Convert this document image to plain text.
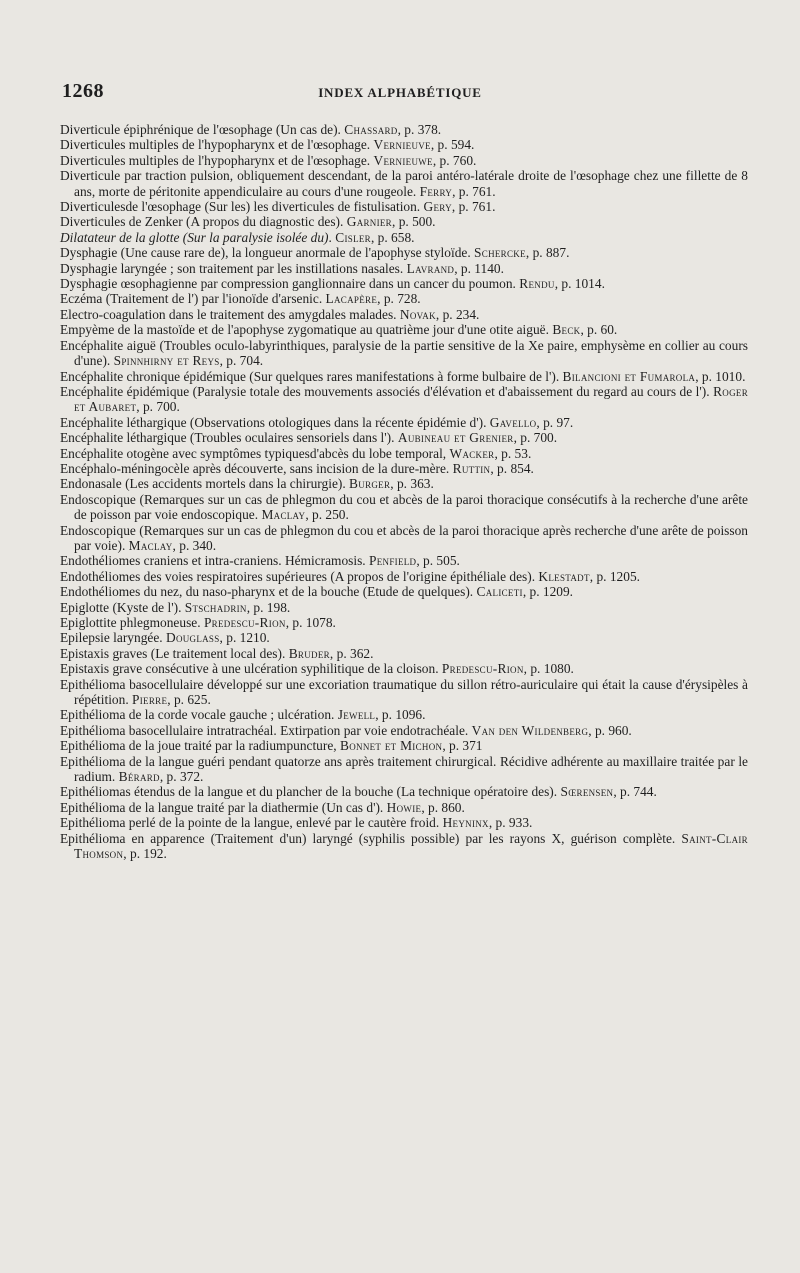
1268	INDEX ALPHABÉTIQUE

Diverticule épiphrénique de l'œsophage (Un cas de). Chassard, p. 378.

Diverticules multiples de l'hypopharynx et de l'œsophage. Vernieuve, p. 594.

Diverticules multiples de l'hypopharynx et de l'œsophage. Vernieuwe, p. 760.

Diverticule par traction pulsion, obliquement descendant, de la paroi antéro-latérale droite de l'œsophage chez une fillette de 8 ans, morte de péritonite appendiculaire au cours d'une rougeole. Ferry, p. 761.

Diverticulesde l'œsophage (Sur les) les diverticules de fistulisation. Gery, p. 761.

Diverticules de Zenker (A propos du diagnostic des). Garnier, p. 500.

Dilatateur de la glotte (Sur la paralysie isolée du). Cisler, p. 658.

Dysphagie (Une cause rare de), la longueur anormale de l'apophyse styloïde. Schercke, p. 887.

Dysphagie laryngée ; son traitement par les instillations nasales. Lavrand, p. 1140.

Dysphagie œsophagienne par compression ganglionnaire dans un cancer du poumon. Rendu, p. 1014.

Eczéma (Traitement de l') par l'ionoïde d'arsenic. Lacapère, p. 728.

Electro-coagulation dans le traitement des amygdales malades. Novak, p. 234.

Empyème de la mastoïde et de l'apophyse zygomatique au quatrième jour d'une otite aiguë. Beck, p. 60.

Encéphalite aiguë (Troubles oculo-labyrinthiques, paralysie de la partie sensitive de la Xe paire, emphysème en collier au cours d'une). Spinnhirny et Reys, p. 704.

Encéphalite chronique épidémique (Sur quelques rares manifestations à forme bulbaire de l'). Bilancioni et Fumarola, p. 1010.

Encéphalite épidémique (Paralysie totale des mouvements associés d'élévation et d'abaissement du regard au cours de l'). Roger et Aubaret, p. 700.

Encéphalite léthargique (Observations otologiques dans la récente épidémie d'). Gavello, p. 97.

Encéphalite léthargique (Troubles oculaires sensoriels dans l'). Aubineau et Grenier, p. 700.

Encéphalite otogène avec symptômes typiquesd'abcès du lobe temporal, Wacker, p. 53.

Encéphalo-méningocèle après découverte, sans incision de la dure-mère. Ruttin, p. 854.

Endonasale (Les accidents mortels dans la chirurgie). Burger, p. 363.

Endoscopique (Remarques sur un cas de phlegmon du cou et abcès de la paroi thoracique consécutifs à la recherche d'une arête de poisson par voie endoscopique. Maclay, p. 250.

Endoscopique (Remarques sur un cas de phlegmon du cou et abcès de la paroi thoracique après recherche d'une arête de poisson par voie). Maclay, p. 340.

Endothéliomes craniens et intra-craniens. Hémicramosis. Penfield, p. 505.

Endothéliomes des voies respiratoires supérieures (A propos de l'origine épithéliale des). Klestadt, p. 1205.

Endothéliomes du nez, du naso-pharynx et de la bouche (Etude de quelques). Caliceti, p. 1209.

Epiglotte (Kyste de l'). Stschadrin, p. 198.

Epiglottite phlegmoneuse. Predescu-Rion, p. 1078.

Epilepsie laryngée. Douglass, p. 1210.

Epistaxis graves (Le traitement local des). Bruder, p. 362.

Epistaxis grave consécutive à une ulcération syphilitique de la cloison. Predescu-Rion, p. 1080.

Epithélioma basocellulaire développé sur une excoriation traumatique du sillon rétro-auriculaire qui était la cause d'érysipèles à répétition. Pierre, p. 625.

Epithélioma de la corde vocale gauche ; ulcération. Jewell, p. 1096.

Epithélioma basocellulaire intratrachéal. Extirpation par voie endotrachéale. Van den Wildenberg, p. 960.

Epithélioma de la joue traité par la radiumpuncture, Bonnet et Michon, p. 371

Epithélioma de la langue guéri pendant quatorze ans après traitement chirurgical. Récidive adhérente au maxillaire traitée par le radium. Bérard, p. 372.

Epithéliomas étendus de la langue et du plancher de la bouche (La technique opératoire des). Sœrensen, p. 744.

Epithélioma de la langue traité par la diathermie (Un cas d'). Howie, p. 860.

Epithélioma perlé de la pointe de la langue, enlevé par le cautère froid. Heyninx, p. 933.

Epithélioma en apparence (Traitement d'un) laryngé (syphilis possible) par les rayons X, guérison complète. Saint-Clair Thomson, p. 192.
